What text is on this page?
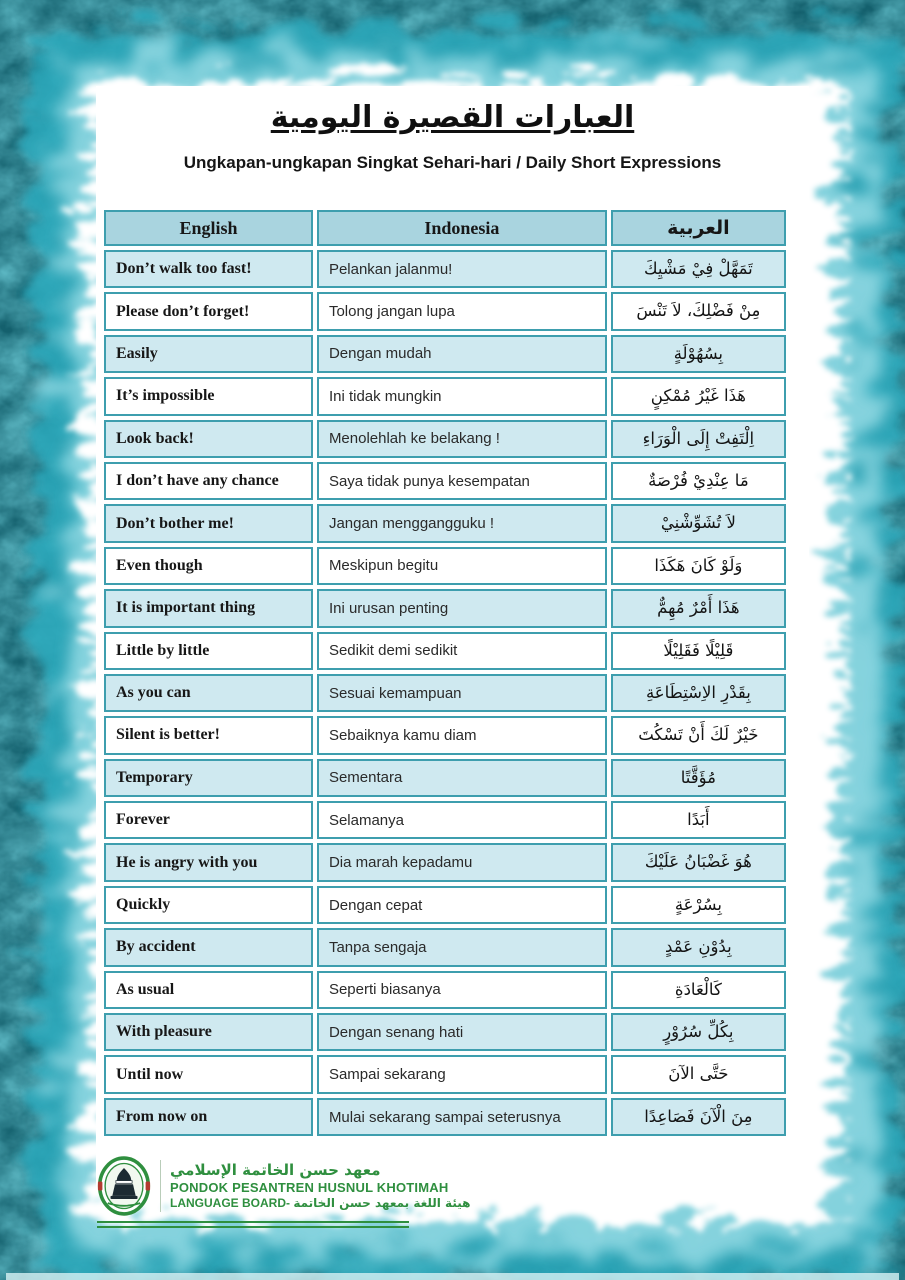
العبارات القصيرة اليومية
Ungkapan-ungkapan Singkat Sehari-hari / Daily Short Expressions
English	Indonesia	العربية
Don’t walk too fast!	Pelankan jalanmu!	تَمَهَّلْ فِيْ مَشْيِكَ
Please don’t forget!	Tolong jangan lupa	مِنْ فَضْلِكَ، لاَ تَنْسَ
Easily	Dengan mudah	بِسُهُوْلَةٍ
It’s impossible	Ini tidak mungkin	هَذَا غَيْرُ مُمْكِنٍ
Look back!	Menolehlah ke belakang !	اِلْتَفِتْ إِلَى الْوَرَاءِ
I don’t have any chance	Saya tidak punya kesempatan	مَا عِنْدِيْ فُرْصَةٌ
Don’t bother me!	Jangan menggangguku !	لاَ تُشَوِّشْنِيْ
Even though	Meskipun begitu	وَلَوْ كَانَ هَكَذَا
It is important thing	Ini urusan penting	هَذَا أَمْرٌ مُهِمٌّ
Little by little	Sedikit demi sedikit	قَلِيْلًا فَقَلِيْلًا
As you can	Sesuai kemampuan	بِقَدْرِ الاِسْتِطَاعَةِ
Silent is better!	Sebaiknya kamu diam	خَيْرٌ لَكَ أَنْ تَسْكُتَ
Temporary	Sementara	مُؤَقَّتًا
Forever	Selamanya	أَبَدًا
He is angry with you	Dia marah kepadamu	هُوَ غَضْبَانُ عَلَيْكَ
Quickly	Dengan cepat	بِسُرْعَةٍ
By accident	Tanpa sengaja	بِدُوْنِ عَمْدٍ
As usual	Seperti biasanya	كَالْعَادَةِ
With pleasure	Dengan senang hati	بِكُلِّ سُرُوْرٍ
Until now	Sampai sekarang	حَتَّى الآنَ
From now on	Mulai sekarang sampai seterusnya	مِنَ الْآنَ فَصَاعِدًا
معهد حسن الخاتمة الإسلامي
PONDOK PESANTREN HUSNUL KHOTIMAH
LANGUAGE BOARD- هيئة اللغة بمعهد حسن الخاتمة
